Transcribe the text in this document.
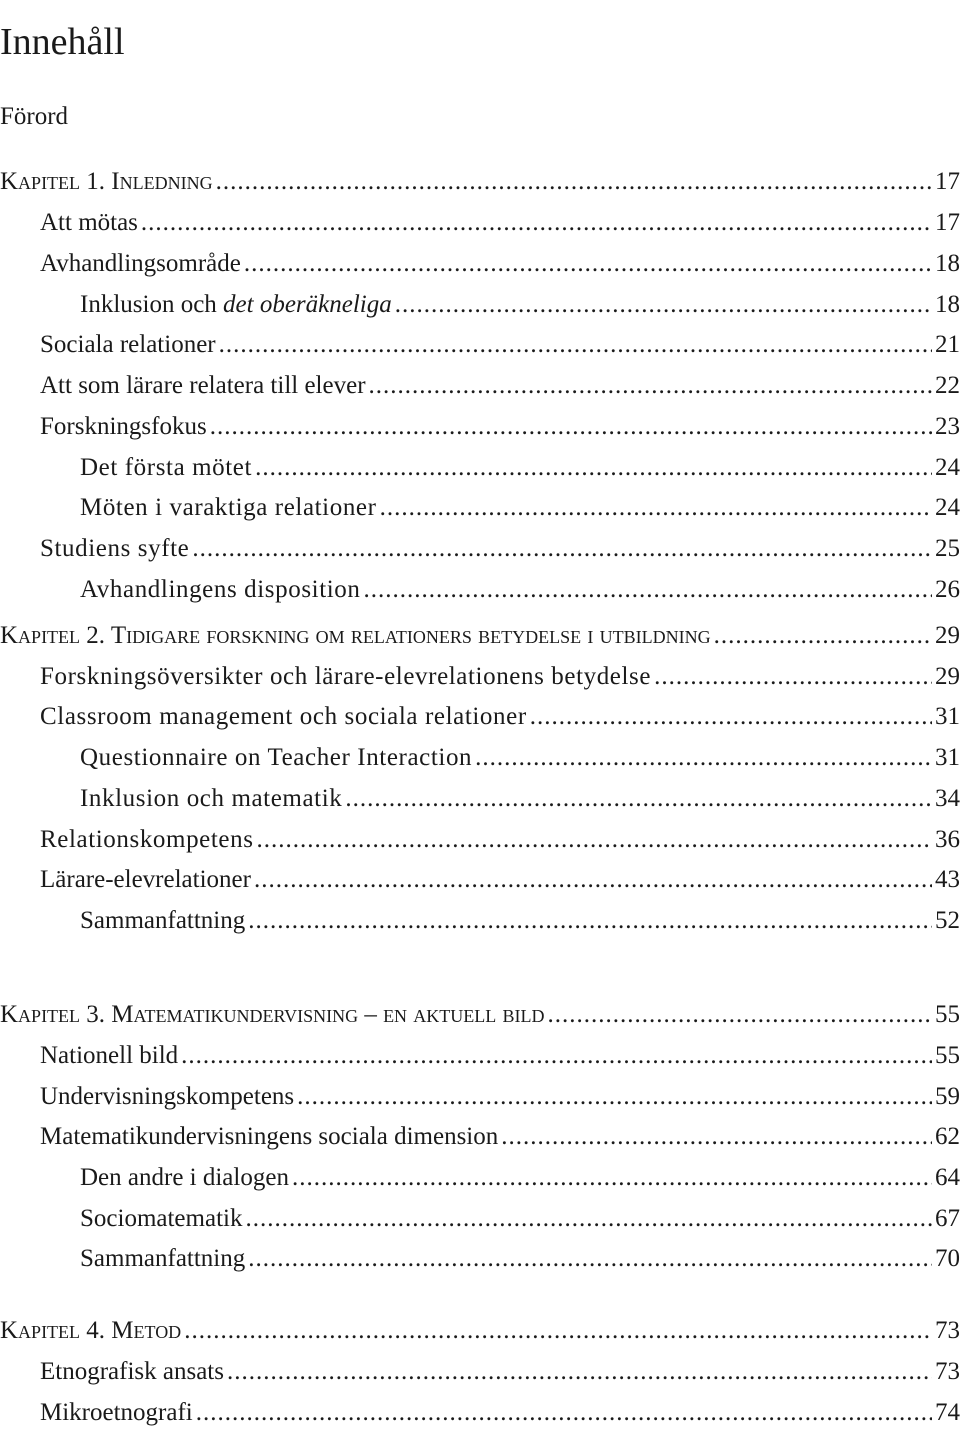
Innehåll
Förord
Kapitel 1. Inledning .....	17
Att mötas .....	17
Avhandlingsområde .....	18
Inklusion och det oberäkneliga .....	18
Sociala relationer .....	21
Att som lärare relatera till elever .....	22
Forskningsfokus .....	23
Det första mötet .....	24
Möten i varaktiga relationer .....	24
Studiens syfte .....	25
Avhandlingens disposition .....	26
Kapitel 2. Tidigare forskning om relationers betydelse i utbildning .....	29
Forskningsöversikter och lärare-elevrelationens betydelse .....	29
Classroom management och sociala relationer .....	31
Questionnaire on Teacher Interaction .....	31
Inklusion och matematik .....	34
Relationskompetens .....	36
Lärare-elevrelationer .....	43
Sammanfattning .....	52
Kapitel 3. Matematikundervisning – en aktuell bild .....	55
Nationell bild .....	55
Undervisningskompetens .....	59
Matematikundervisningens sociala dimension .....	62
Den andre i dialogen .....	64
Sociomatematik .....	67
Sammanfattning .....	70
Kapitel 4. Metod .....	73
Etnografisk ansats .....	73
Mikroetnografi .....	74
